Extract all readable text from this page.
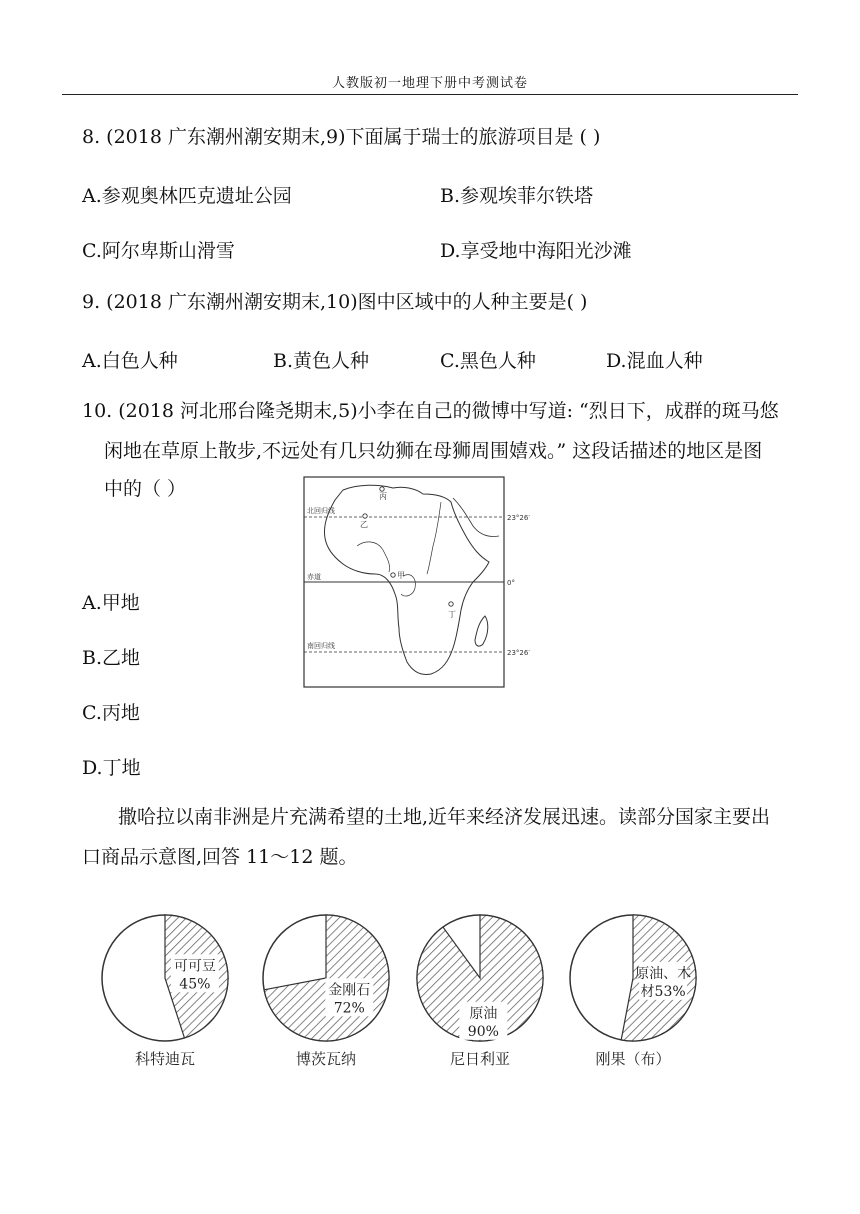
人教版初一地理下册中考测试卷
8. (2018 广东潮州潮安期末,9)下面属于瑞士的旅游项目是 ( )
A.参观奥林匹克遗址公园	B.参观埃菲尔铁塔
C.阿尔卑斯山滑雪	D.享受地中海阳光沙滩
9. (2018 广东潮州潮安期末,10)图中区域中的人种主要是( )
A.白色人种	B.黄色人种	C.黑色人种	D.混血人种
10. (2018 河北邢台隆尧期末,5)小李在自己的微博中写道: “烈日下，成群的斑马悠
闲地在草原上散步,不远处有几只幼狮在母狮周围嬉戏。” 这段话描述的地区是图
中的（ ）
A.甲地
B.乙地
C.丙地
D.丁地
北回归线
赤道
南回归线
23°26′
0°
23°26′
丙
乙
甲
丁
撒哈拉以南非洲是片充满希望的土地,近年来经济发展迅速。读部分国家主要出
口商品示意图,回答 11～12 题。
可可豆
45%
科特迪瓦
金刚石
72%
博茨瓦纳
原油
90%
尼日利亚
原油、木
材53%
刚果（布）
